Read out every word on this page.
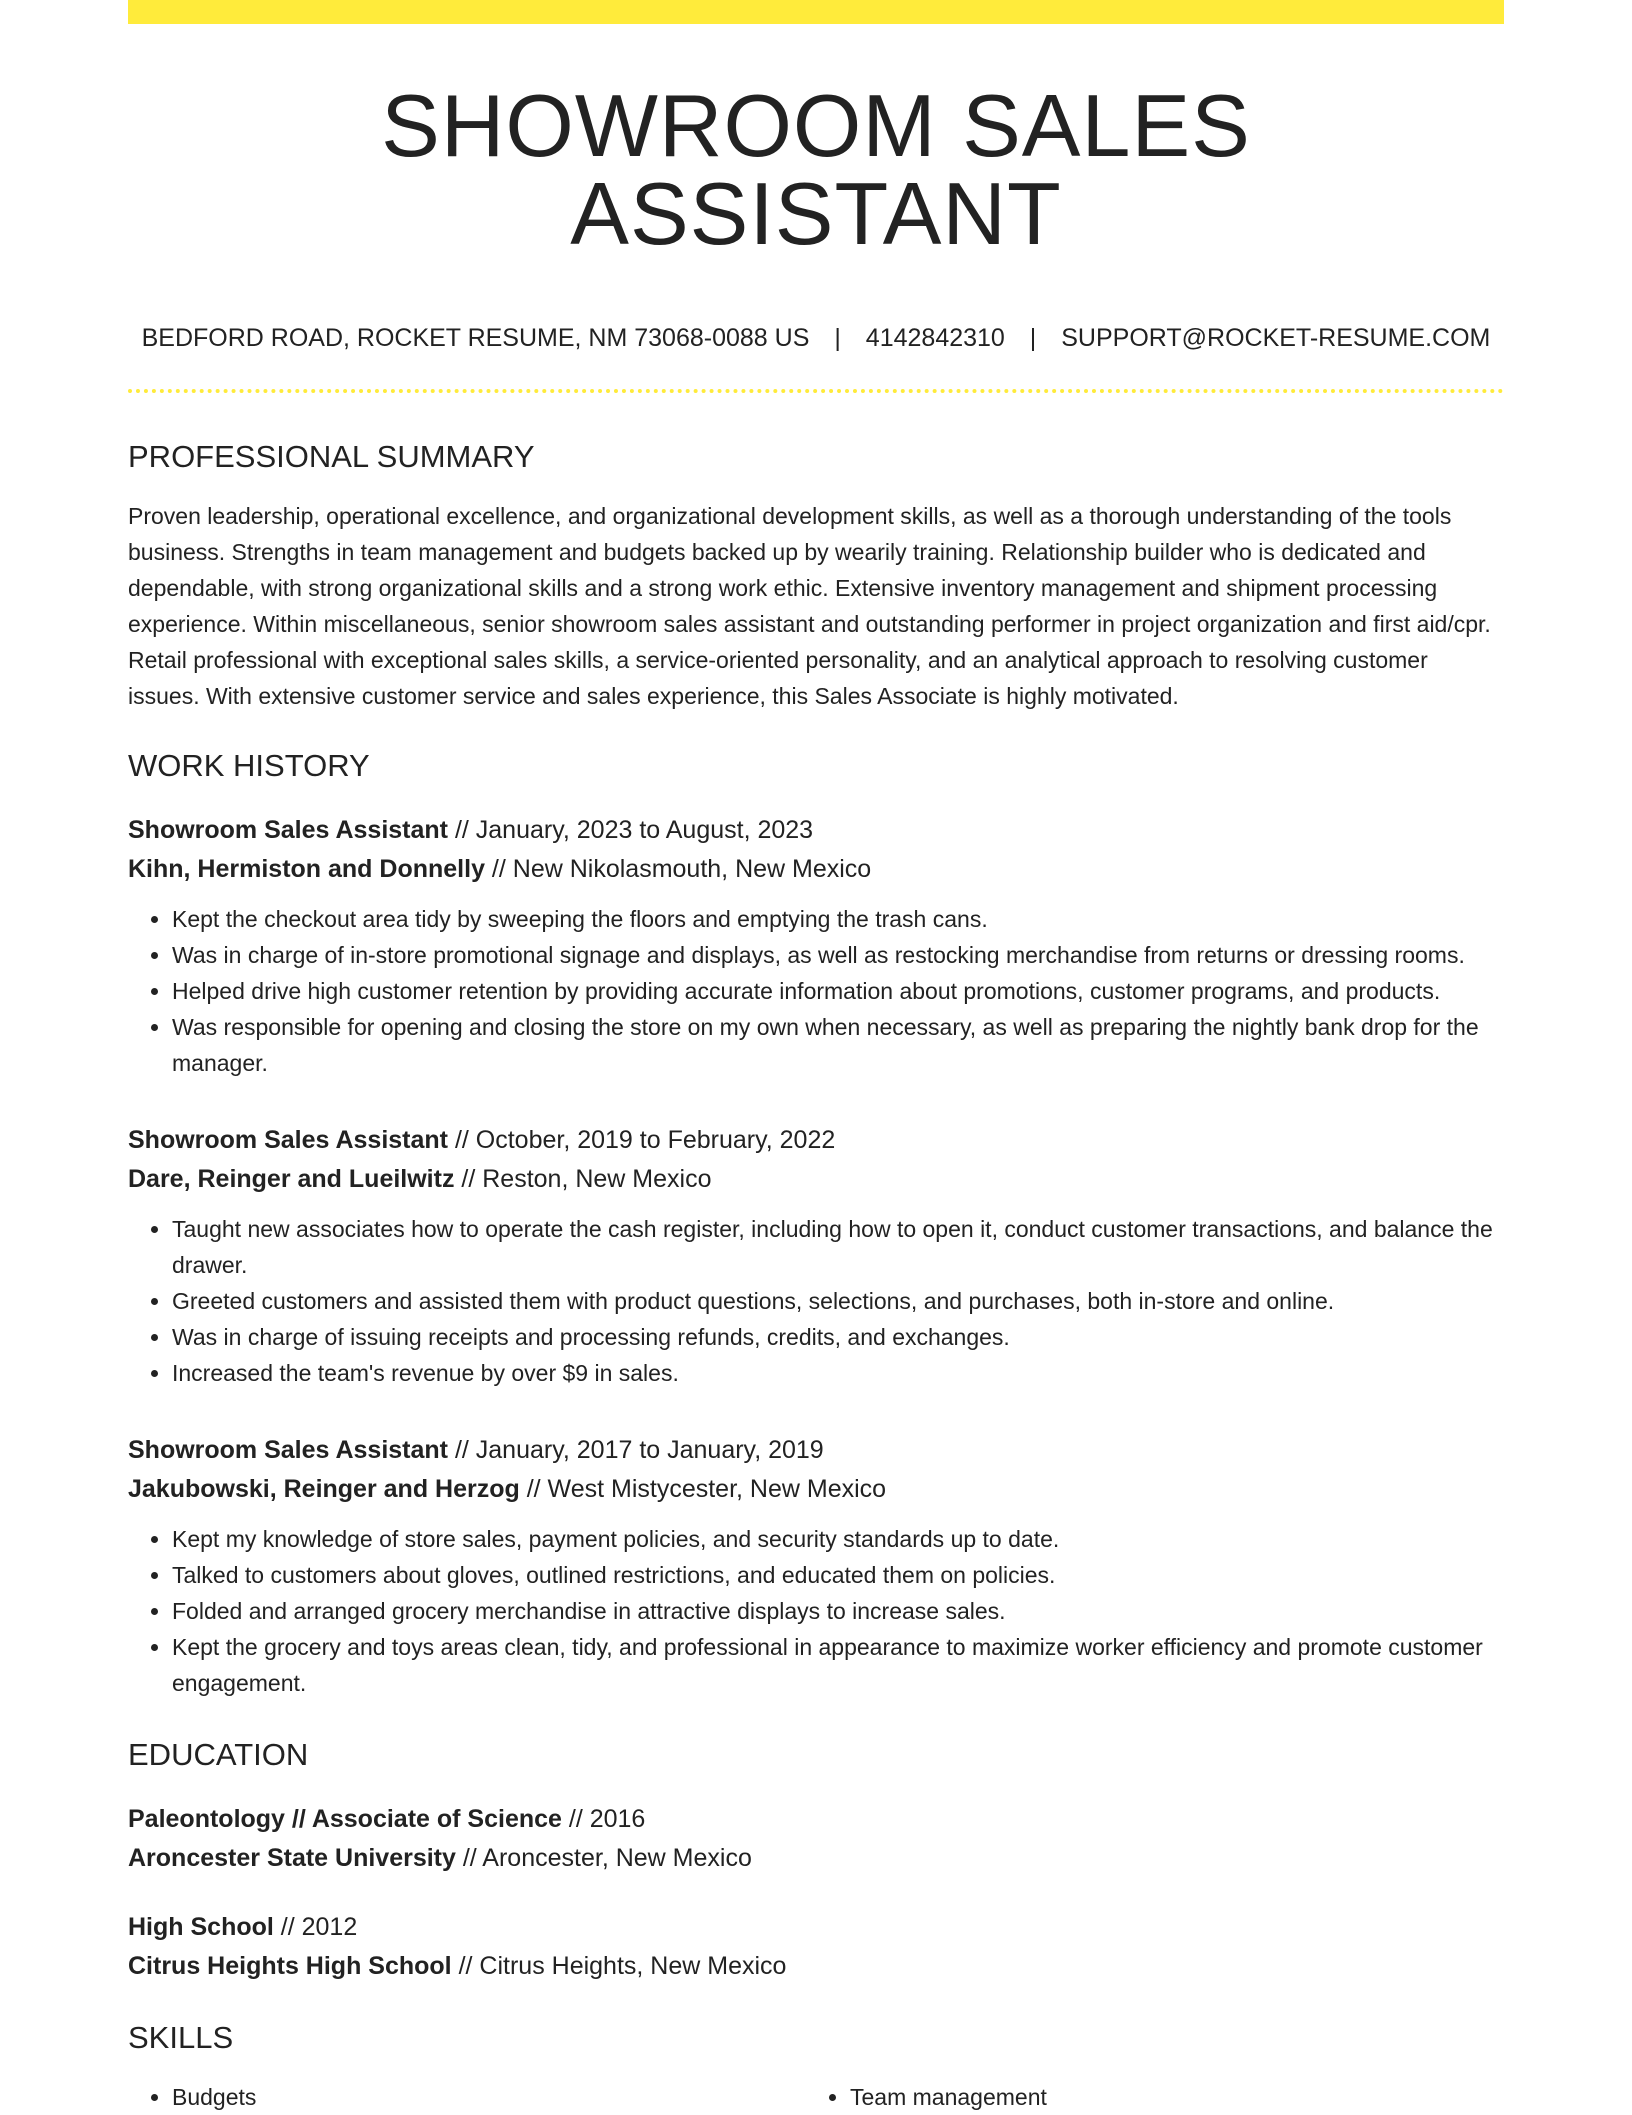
SHOWROOM SALES ASSISTANT
BEDFORD ROAD, ROCKET RESUME, NM 73068-0088 US | 4142842310 | SUPPORT@ROCKET-RESUME.COM
PROFESSIONAL SUMMARY

Proven leadership, operational excellence, and organizational development skills, as well as a thorough understanding of the tools business. Strengths in team management and budgets backed up by wearily training. Relationship builder who is dedicated and dependable, with strong organizational skills and a strong work ethic. Extensive inventory management and shipment processing experience. Within miscellaneous, senior showroom sales assistant and outstanding performer in project organization and first aid/cpr. Retail professional with exceptional sales skills, a service-oriented personality, and an analytical approach to resolving customer issues. With extensive customer service and sales experience, this Sales Associate is highly motivated.

WORK HISTORY
Showroom Sales Assistant // January, 2023 to August, 2023
Kihn, Hermiston and Donnelly // New Nikolasmouth, New Mexico
• Kept the checkout area tidy by sweeping the floors and emptying the trash cans.
• Was in charge of in-store promotional signage and displays, as well as restocking merchandise from returns or dressing rooms.
• Helped drive high customer retention by providing accurate information about promotions, customer programs, and products.
• Was responsible for opening and closing the store on my own when necessary, as well as preparing the nightly bank drop for the manager.
Showroom Sales Assistant // October, 2019 to February, 2022
Dare, Reinger and Lueilwitz // Reston, New Mexico
• Taught new associates how to operate the cash register, including how to open it, conduct customer transactions, and balance the drawer.
• Greeted customers and assisted them with product questions, selections, and purchases, both in-store and online.
• Was in charge of issuing receipts and processing refunds, credits, and exchanges.
• Increased the team's revenue by over $9 in sales.
Showroom Sales Assistant // January, 2017 to January, 2019
Jakubowski, Reinger and Herzog // West Mistycester, New Mexico
• Kept my knowledge of store sales, payment policies, and security standards up to date.
• Talked to customers about gloves, outlined restrictions, and educated them on policies.
• Folded and arranged grocery merchandise in attractive displays to increase sales.
• Kept the grocery and toys areas clean, tidy, and professional in appearance to maximize worker efficiency and promote customer engagement.
EDUCATION
Paleontology // Associate of Science // 2016
Aroncester State University // Aroncester, New Mexico
High School // 2012
Citrus Heights High School // Citrus Heights, New Mexico
SKILLS
• Budgets
•	Team management
